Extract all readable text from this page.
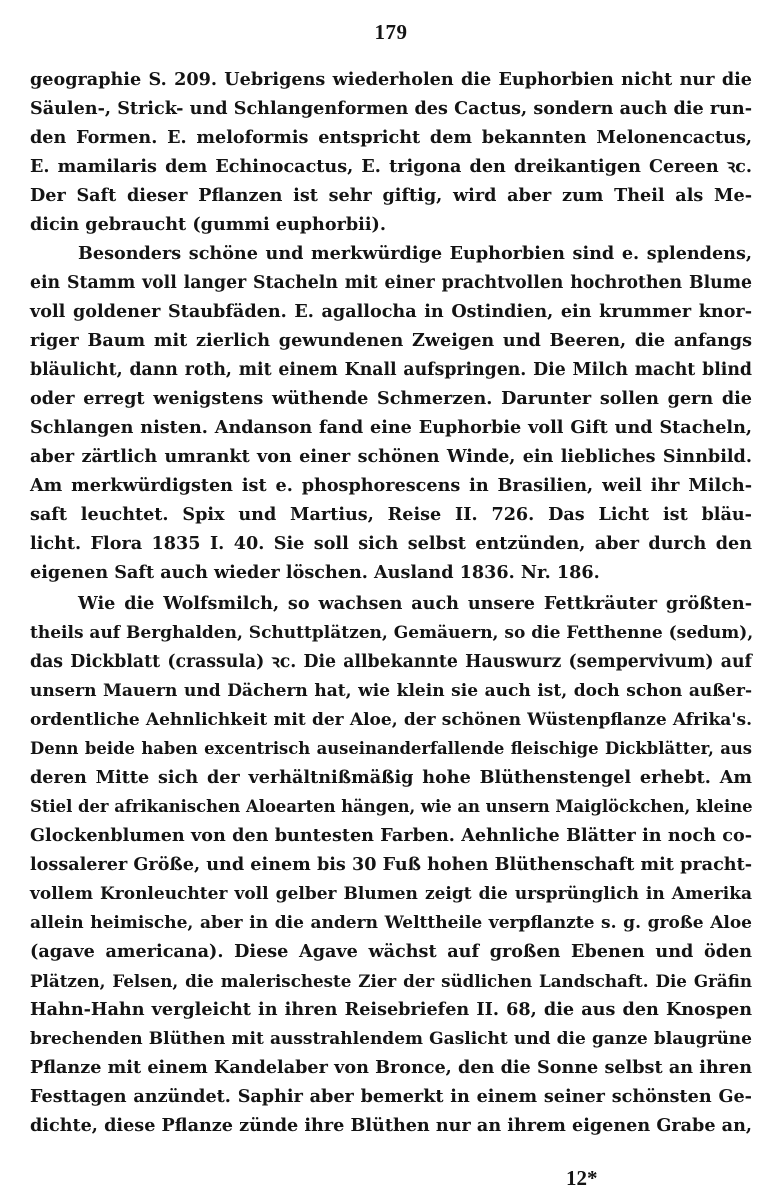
179
geographie S. 209. Uebrigens wiederholen die Euphorbien nicht nur die
Säulen-, Strick- und Schlangenformen des Cactus, sondern auch die run-
den Formen. E. meloformis entspricht dem bekannten Melonencactus,
E. mamilaris dem Echinocactus, E. trigona den dreikantigen Cereen ꝛc.
Der Saft dieser Pflanzen ist sehr giftig, wird aber zum Theil als Me-
dicin gebraucht (gummi euphorbii).
Besonders schöne und merkwürdige Euphorbien sind e. splendens,
ein Stamm voll langer Stacheln mit einer prachtvollen hochrothen Blume
voll goldener Staubfäden. E. agallocha in Ostindien, ein krummer knor-
riger Baum mit zierlich gewundenen Zweigen und Beeren, die anfangs
bläulicht, dann roth, mit einem Knall aufspringen. Die Milch macht blind
oder erregt wenigstens wüthende Schmerzen. Darunter sollen gern die
Schlangen nisten. Andanson fand eine Euphorbie voll Gift und Stacheln,
aber zärtlich umrankt von einer schönen Winde, ein liebliches Sinnbild.
Am merkwürdigsten ist e. phosphorescens in Brasilien, weil ihr Milch-
saft leuchtet. Spix und Martius, Reise II. 726. Das Licht ist bläu-
licht. Flora 1835 I. 40. Sie soll sich selbst entzünden, aber durch den
eigenen Saft auch wieder löschen. Ausland 1836. Nr. 186.
Wie die Wolfsmilch, so wachsen auch unsere Fettkräuter größten-
theils auf Berghalden, Schuttplätzen, Gemäuern, so die Fetthenne (sedum),
das Dickblatt (crassula) ꝛc. Die allbekannte Hauswurz (sempervivum) auf
unsern Mauern und Dächern hat, wie klein sie auch ist, doch schon außer-
ordentliche Aehnlichkeit mit der Aloe, der schönen Wüstenpflanze Afrika's.
Denn beide haben excentrisch auseinanderfallende fleischige Dickblätter, aus
deren Mitte sich der verhältnißmäßig hohe Blüthenstengel erhebt. Am
Stiel der afrikanischen Aloearten hängen, wie an unsern Maiglöckchen, kleine
Glockenblumen von den buntesten Farben. Aehnliche Blätter in noch co-
lossalerer Größe, und einem bis 30 Fuß hohen Blüthenschaft mit pracht-
vollem Kronleuchter voll gelber Blumen zeigt die ursprünglich in Amerika
allein heimische, aber in die andern Welttheile verpflanzte s. g. große Aloe
(agave americana). Diese Agave wächst auf großen Ebenen und öden
Plätzen, Felsen, die malerischeste Zier der südlichen Landschaft. Die Gräfin
Hahn-Hahn vergleicht in ihren Reisebriefen II. 68, die aus den Knospen
brechenden Blüthen mit ausstrahlendem Gaslicht und die ganze blaugrüne
Pflanze mit einem Kandelaber von Bronce, den die Sonne selbst an ihren
Festtagen anzündet. Saphir aber bemerkt in einem seiner schönsten Ge-
dichte, diese Pflanze zünde ihre Blüthen nur an ihrem eigenen Grabe an,
12*
